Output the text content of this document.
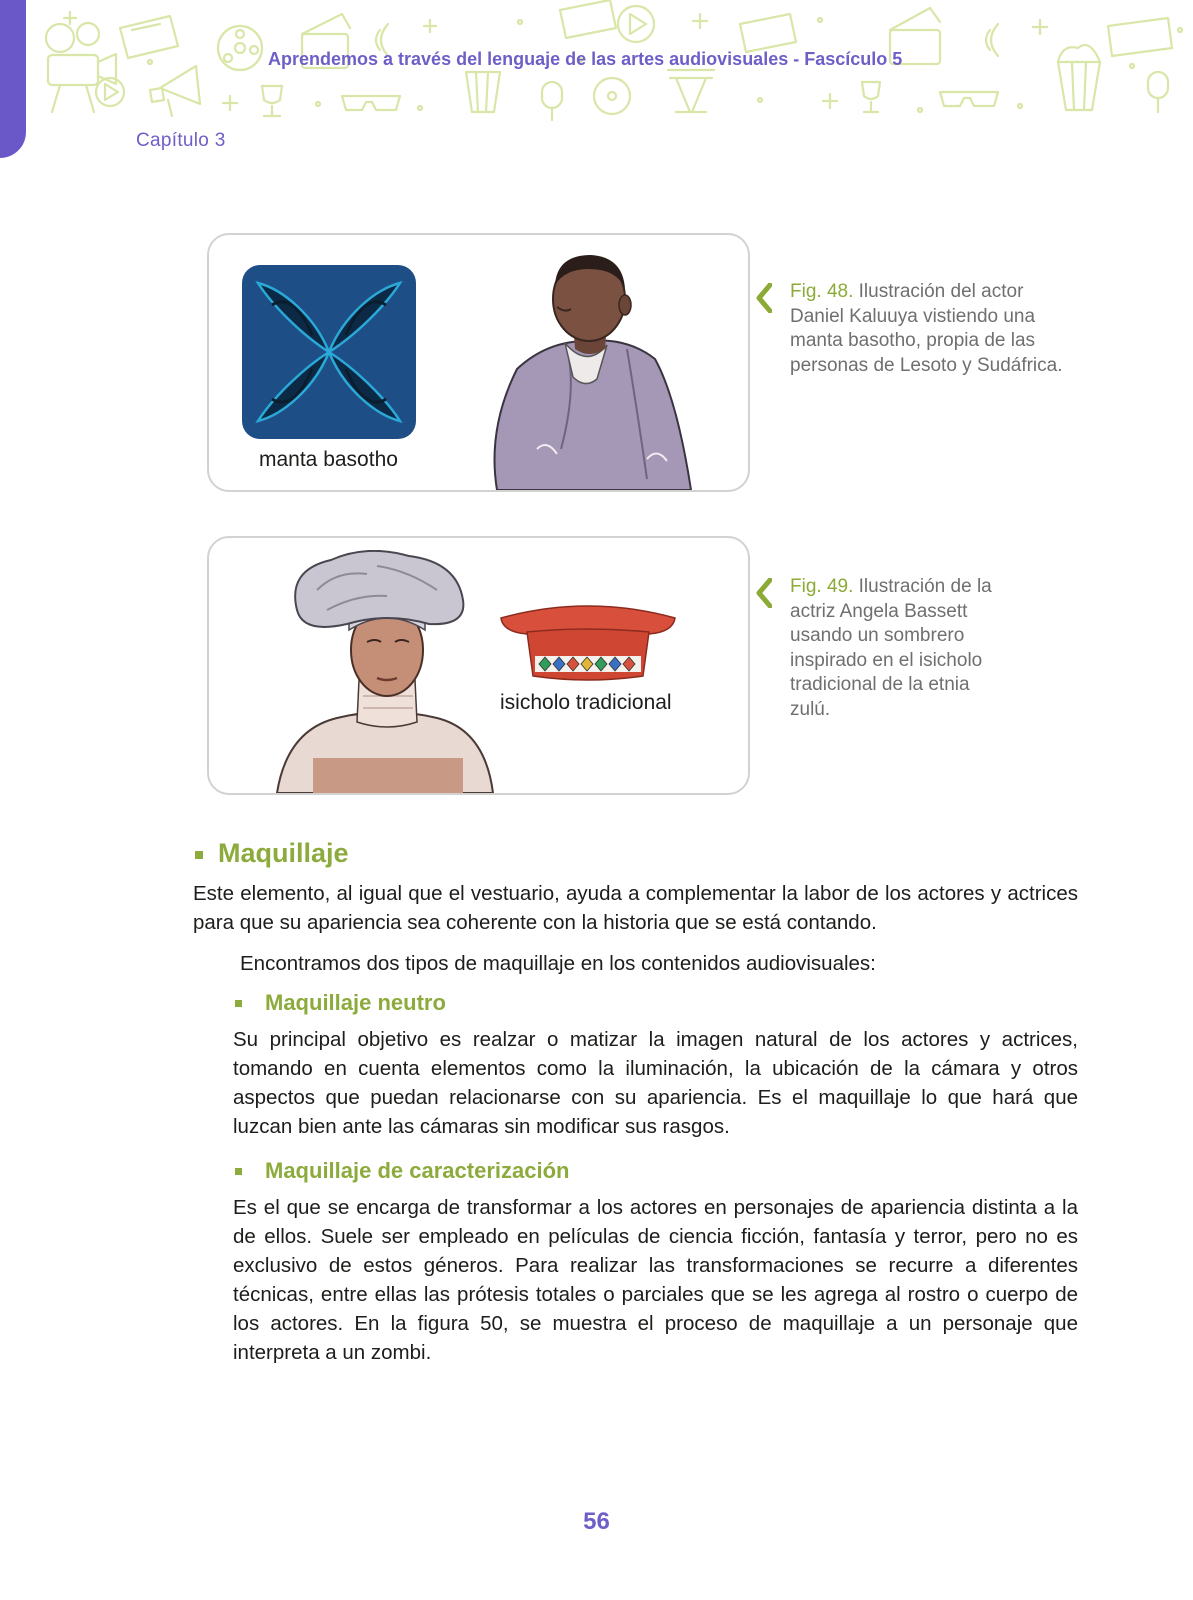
Aprendemos a través del lenguaje de las artes audiovisuales - Fascículo 5
Capítulo 3
manta basotho

Fig. 48. Ilustración del actor Daniel Kaluuya vistiendo una manta basotho, propia de las personas de Lesoto y Sudáfrica.

isicholo tradicional

Fig. 49. Ilustración de la actriz Angela Bassett usando un sombrero inspirado en el isicholo tradicional de la etnia zulú.

Maquillaje

Este elemento, al igual que el vestuario, ayuda a complementar la labor de los actores y actrices para que su apariencia sea coherente con la historia que se está contando.

Encontramos dos tipos de maquillaje en los contenidos audiovisuales:

Maquillaje neutro

Su principal objetivo es realzar o matizar la imagen natural de los actores y actrices, tomando en cuenta elementos como la iluminación, la ubicación de la cámara y otros aspectos que puedan relacionarse con su apariencia. Es el maquillaje lo que hará que luzcan bien ante las cámaras sin modificar sus rasgos.

Maquillaje de caracterización

Es el que se encarga de transformar a los actores en personajes de apariencia distinta a la de ellos. Suele ser empleado en películas de ciencia ficción, fantasía y terror, pero no es exclusivo de estos géneros. Para realizar las transformaciones se recurre a diferentes técnicas, entre ellas las prótesis totales o parciales que se les agrega al rostro o cuerpo de los actores. En la figura 50, se muestra el proceso de maquillaje a un personaje que interpreta a un zombi.

56
